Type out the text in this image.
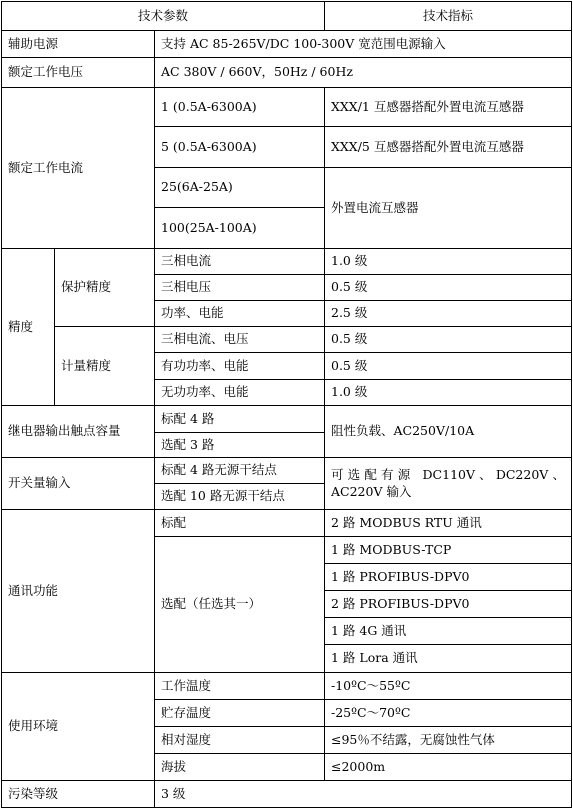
技术参数			技术指标
辅助电源		支持 AC 85-265V/DC 100-300V 宽范围电源输入	
额定工作电压		AC 380V / 660V，50Hz / 60Hz	
额定工作电流		1 (0.5A-6300A)	XXX/1 互感器搭配外置电流互感器
		5 (0.5A-6300A)	XXX/5 互感器搭配外置电流互感器
		25(6A-25A)	外置电流互感器
		100(25A-100A)	
精度	保护精度	三相电流	1.0 级
		三相电压	0.5 级
		功率、电能	2.5 级
	计量精度	三相电流、电压	0.5 级
		有功功率、电能	0.5 级
		无功功率、电能	1.0 级
继电器输出触点容量		标配 4 路	阻性负载、AC250V/10A
		选配 3 路	
开关量输入		标配 4 路无源干结点	可选配有源 DC110V、DC220V、AC220V 输入
		选配 10 路无源干结点	
通讯功能		标配	2 路 MODBUS RTU 通讯
		选配（任选其一）	1 路 MODBUS-TCP
			1 路 PROFIBUS-DPV0
			2 路 PROFIBUS-DPV0
			1 路 4G 通讯
			1 路 Lora 通讯
使用环境		工作温度	-10ºC～55ºC
		贮存温度	-25ºC～70ºC
		相对湿度	≤95％不结露，无腐蚀性气体
		海拔	≤2000m
污染等级		3 级	
